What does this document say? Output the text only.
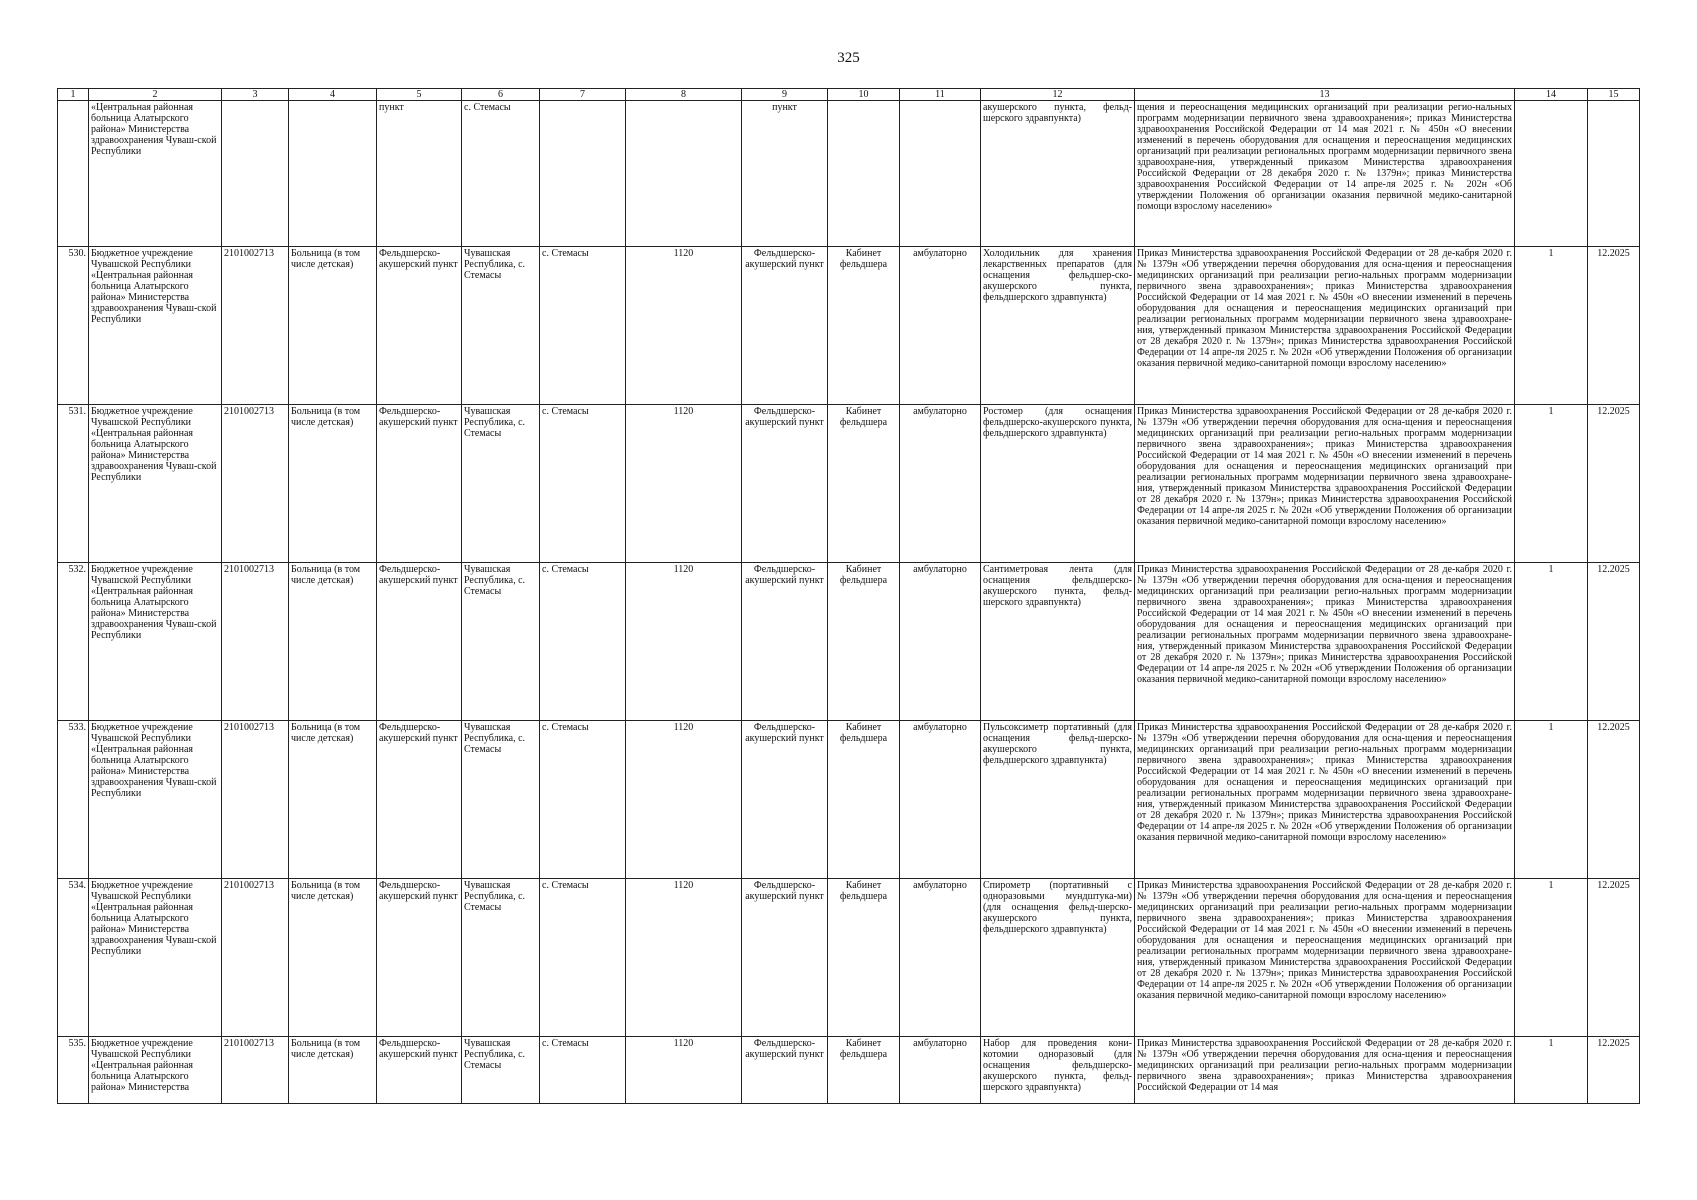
325
1	2	3	4	5	6	7	8	9	10	11	12	13	14	15
	«Центральная районная больница Алатырского района» Министерства здравоохранения Чуваш-ской Республики			пункт	с. Стемасы			пункт			акушерского пункта, фельд-шерского здравпункта)	щения и переоснащения медицинских организаций при реализации регио-нальных программ модернизации первичного звена здравоохранения»; приказ Министерства здравоохранения Российской Федерации от 14 мая 2021 г. № 450н «О внесении изменений в перечень оборудования для оснащения и переоснащения медицинских организаций при реализации региональных программ модернизации первичного звена здравоохране-ния, утвержденный приказом Министерства здравоохранения Российской Федерации от 28 декабря 2020 г. № 1379н»; приказ Министерства здравоохранения Российской Федерации от 14 апре-ля 2025 г. № 202н «Об утверждении Положения об организации оказания первичной медико-санитарной помощи взрослому населению»		
530.	Бюджетное учреждение Чувашской Республики «Центральная районная больница Алатырского района» Министерства здравоохранения Чуваш-ской Республики	2101002713	Больница (в том числе детская)	Фельдшерско-акушерский пункт	Чувашская Республика, с. Стемасы	с. Стемасы	1120	Фельдшерско-акушерский пункт	Кабинет фельдшера	амбулаторно	Холодильник для хранения лекарственных препаратов (для оснащения фельдшер-ско-акушерского пункта, фельдшерского здравпункта)	Приказ Министерства здравоохранения Российской Федерации от 28 де-кабря 2020 г. № 1379н «Об утверждении перечня оборудования для осна-щения и переоснащения медицинских организаций при реализации регио-нальных программ модернизации первичного звена здравоохранения»; приказ Министерства здравоохранения Российской Федерации от 14 мая 2021 г. № 450н «О внесении изменений в перечень оборудования для оснащения и переоснащения медицинских организаций при реализации региональных программ модернизации первичного звена здравоохране-ния, утвержденный приказом Министерства здравоохранения Российской Федерации от 28 декабря 2020 г. № 1379н»; приказ Министерства здравоохранения Российской Федерации от 14 апре-ля 2025 г. № 202н «Об утверждении Положения об организации оказания первичной медико-санитарной помощи взрослому населению»	1	12.2025
531.	Бюджетное учреждение Чувашской Республики «Центральная районная больница Алатырского района» Министерства здравоохранения Чуваш-ской Республики	2101002713	Больница (в том числе детская)	Фельдшерско-акушерский пункт	Чувашская Республика, с. Стемасы	с. Стемасы	1120	Фельдшерско-акушерский пункт	Кабинет фельдшера	амбулаторно	Ростомер (для оснащения фельдшерско-акушерского пункта, фельдшерского здравпункта)	Приказ Министерства здравоохранения Российской Федерации от 28 де-кабря 2020 г. № 1379н «Об утверждении перечня оборудования для осна-щения и переоснащения медицинских организаций при реализации регио-нальных программ модернизации первичного звена здравоохранения»; приказ Министерства здравоохранения Российской Федерации от 14 мая 2021 г. № 450н «О внесении изменений в перечень оборудования для оснащения и переоснащения медицинских организаций при реализации региональных программ модернизации первичного звена здравоохране-ния, утвержденный приказом Министерства здравоохранения Российской Федерации от 28 декабря 2020 г. № 1379н»; приказ Министерства здравоохранения Российской Федерации от 14 апре-ля 2025 г. № 202н «Об утверждении Положения об организации оказания первичной медико-санитарной помощи взрослому населению»	1	12.2025
532.	Бюджетное учреждение Чувашской Республики «Центральная районная больница Алатырского района» Министерства здравоохранения Чуваш-ской Республики	2101002713	Больница (в том числе детская)	Фельдшерско-акушерский пункт	Чувашская Республика, с. Стемасы	с. Стемасы	1120	Фельдшерско-акушерский пункт	Кабинет фельдшера	амбулаторно	Сантиметровая лента (для оснащения фельдшерско-акушерского пункта, фельд-шерского здравпункта)	Приказ Министерства здравоохранения Российской Федерации от 28 де-кабря 2020 г. № 1379н «Об утверждении перечня оборудования для осна-щения и переоснащения медицинских организаций при реализации регио-нальных программ модернизации первичного звена здравоохранения»; приказ Министерства здравоохранения Российской Федерации от 14 мая 2021 г. № 450н «О внесении изменений в перечень оборудования для оснащения и переоснащения медицинских организаций при реализации региональных программ модернизации первичного звена здравоохране-ния, утвержденный приказом Министерства здравоохранения Российской Федерации от 28 декабря 2020 г. № 1379н»; приказ Министерства здравоохранения Российской Федерации от 14 апре-ля 2025 г. № 202н «Об утверждении Положения об организации оказания первичной медико-санитарной помощи взрослому населению»	1	12.2025
533.	Бюджетное учреждение Чувашской Республики «Центральная районная больница Алатырского района» Министерства здравоохранения Чуваш-ской Республики	2101002713	Больница (в том числе детская)	Фельдшерско-акушерский пункт	Чувашская Республика, с. Стемасы	с. Стемасы	1120	Фельдшерско-акушерский пункт	Кабинет фельдшера	амбулаторно	Пульсоксиметр портативный (для оснащения фельд-шерско-акушерского пункта, фельдшерского здравпункта)	Приказ Министерства здравоохранения Российской Федерации от 28 де-кабря 2020 г. № 1379н «Об утверждении перечня оборудования для осна-щения и переоснащения медицинских организаций при реализации регио-нальных программ модернизации первичного звена здравоохранения»; приказ Министерства здравоохранения Российской Федерации от 14 мая 2021 г. № 450н «О внесении изменений в перечень оборудования для оснащения и переоснащения медицинских организаций при реализации региональных программ модернизации первичного звена здравоохране-ния, утвержденный приказом Министерства здравоохранения Российской Федерации от 28 декабря 2020 г. № 1379н»; приказ Министерства здравоохранения Российской Федерации от 14 апре-ля 2025 г. № 202н «Об утверждении Положения об организации оказания первичной медико-санитарной помощи взрослому населению»	1	12.2025
534.	Бюджетное учреждение Чувашской Республики «Центральная районная больница Алатырского района» Министерства здравоохранения Чуваш-ской Республики	2101002713	Больница (в том числе детская)	Фельдшерско-акушерский пункт	Чувашская Республика, с. Стемасы	с. Стемасы	1120	Фельдшерско-акушерский пункт	Кабинет фельдшера	амбулаторно	Спирометр (портативный с одноразовыми мундштука-ми) (для оснащения фельд-шерско-акушерского пункта, фельдшерского здравпункта)	Приказ Министерства здравоохранения Российской Федерации от 28 де-кабря 2020 г. № 1379н «Об утверждении перечня оборудования для осна-щения и переоснащения медицинских организаций при реализации регио-нальных программ модернизации первичного звена здравоохранения»; приказ Министерства здравоохранения Российской Федерации от 14 мая 2021 г. № 450н «О внесении изменений в перечень оборудования для оснащения и переоснащения медицинских организаций при реализации региональных программ модернизации первичного звена здравоохране-ния, утвержденный приказом Министерства здравоохранения Российской Федерации от 28 декабря 2020 г. № 1379н»; приказ Министерства здравоохранения Российской Федерации от 14 апре-ля 2025 г. № 202н «Об утверждении Положения об организации оказания первичной медико-санитарной помощи взрослому населению»	1	12.2025
535.	Бюджетное учреждение Чувашской Республики «Центральная районная больница Алатырского района» Министерства	2101002713	Больница (в том числе детская)	Фельдшерско-акушерский пункт	Чувашская Республика, с. Стемасы	с. Стемасы	1120	Фельдшерско-акушерский пункт	Кабинет фельдшера	амбулаторно	Набор для проведения кони-котомии одноразовый (для оснащения фельдшерско-акушерского пункта, фельд-шерского здравпункта)	Приказ Министерства здравоохранения Российской Федерации от 28 де-кабря 2020 г. № 1379н «Об утверждении перечня оборудования для осна-щения и переоснащения медицинских организаций при реализации регио-нальных программ модернизации первичного звена здравоохранения»; приказ Министерства здравоохранения Российской Федерации от 14 мая	1	12.2025
